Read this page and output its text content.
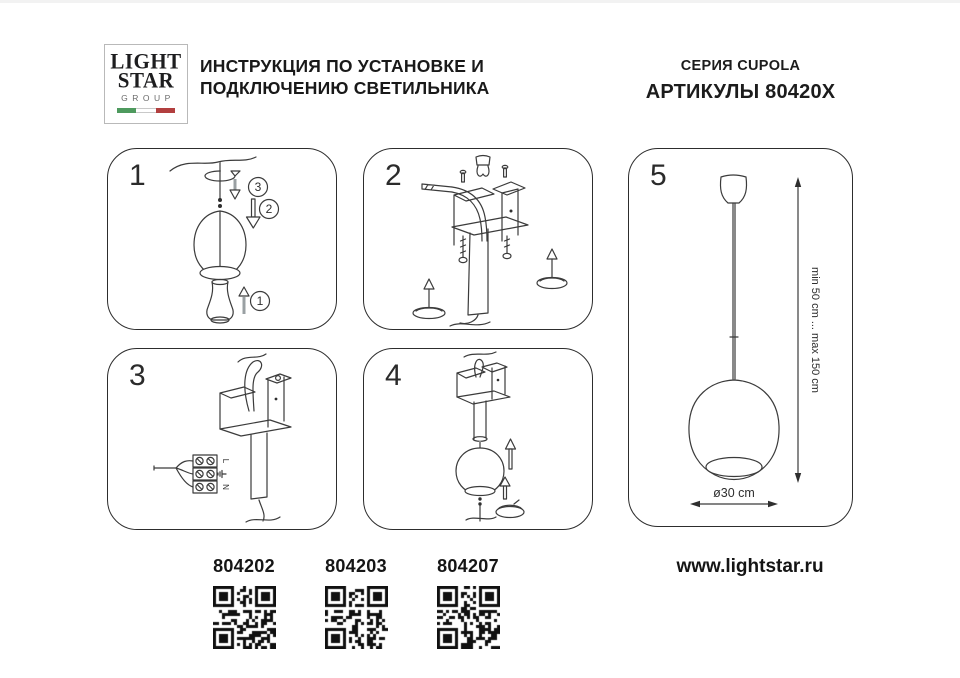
LIGHT
STAR
GROUP
ИНСТРУКЦИЯ ПО УСТАНОВКЕ И
ПОДКЛЮЧЕНИЮ СВЕТИЛЬНИКА
СЕРИЯ CUPOLA
АРТИКУЛЫ 80420X
1	3
2
1
2
3
L
N
4
5
min 50 cm ... max 150 cm
ø30 cm
804202	804203	804207	www.lightstar.ru
